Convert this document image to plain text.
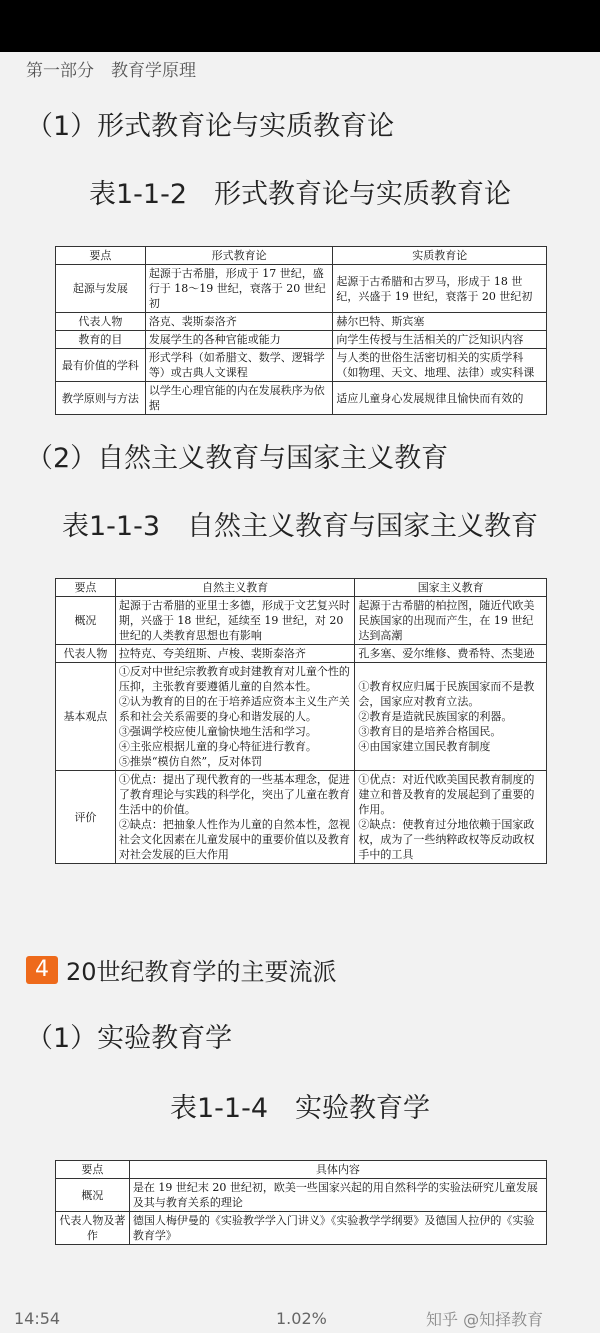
第一部分　教育学原理
（1）形式教育论与实质教育论
表1-1-2　形式教育论与实质教育论
要点	形式教育论	实质教育论
起源与发展	起源于古希腊，形成于 17 世纪，盛行于 18～19 世纪，衰落于 20 世纪初	起源于古希腊和古罗马，形成于 18 世纪，兴盛于 19 世纪，衰落于 20 世纪初
代表人物	洛克、裴斯泰洛齐	赫尔巴特、斯宾塞
教育的目	发展学生的各种官能或能力	向学生传授与生活相关的广泛知识内容
最有价值的学科	形式学科（如希腊文、数学、逻辑学等）或古典人文课程	与人类的世俗生活密切相关的实质学科（如物理、天文、地理、法律）或实科课
教学原则与方法	以学生心理官能的内在发展秩序为依据	适应儿童身心发展规律且愉快而有效的
（2）自然主义教育与国家主义教育
表1-1-3　自然主义教育与国家主义教育
要点	自然主义教育	国家主义教育
概况	起源于古希腊的亚里士多德，形成于文艺复兴时期，兴盛于 18 世纪，延续至 19 世纪，对 20 世纪的人类教育思想也有影响	起源于古希腊的柏拉图，随近代欧美民族国家的出现而产生，在 19 世纪达到高潮
代表人物	拉特克、夸美纽斯、卢梭、裴斯泰洛齐	孔多塞、爱尔维修、费希特、杰斐逊
基本观点	①反对中世纪宗教教育或封建教育对儿童个性的压抑，主张教育要遵循儿童的自然本性。
②认为教育的目的在于培养适应资本主义生产关系和社会关系需要的身心和谐发展的人。
③强调学校应使儿童愉快地生活和学习。
④主张应根据儿童的身心特征进行教育。
⑤推崇“模仿自然”，反对体罚	①教育权应归属于民族国家而不是教会，国家应对教育立法。
②教育是造就民族国家的利器。
③教育目的是培养合格国民。
④由国家建立国民教育制度
评价	①优点：提出了现代教育的一些基本理念，促进了教育理论与实践的科学化，突出了儿童在教育生活中的价值。
②缺点：把抽象人性作为儿童的自然本性，忽视社会文化因素在儿童发展中的重要价值以及教育对社会发展的巨大作用	①优点：对近代欧美国民教育制度的建立和普及教育的发展起到了重要的作用。
②缺点：使教育过分地依赖于国家政权，成为了一些纳粹政权等反动政权手中的工具
4 20世纪教育学的主要流派
（1）实验教育学
表1-1-4　实验教育学
要点	具体内容
概况	是在 19 世纪末 20 世纪初，欧美一些国家兴起的用自然科学的实验法研究儿童发展及其与教育关系的理论
代表人物及著作	德国人梅伊曼的《实验教学学入门讲义》《实验教学学纲要》及德国人拉伊的《实验教育学》
14:54	1.02%	知乎 @知择教育
